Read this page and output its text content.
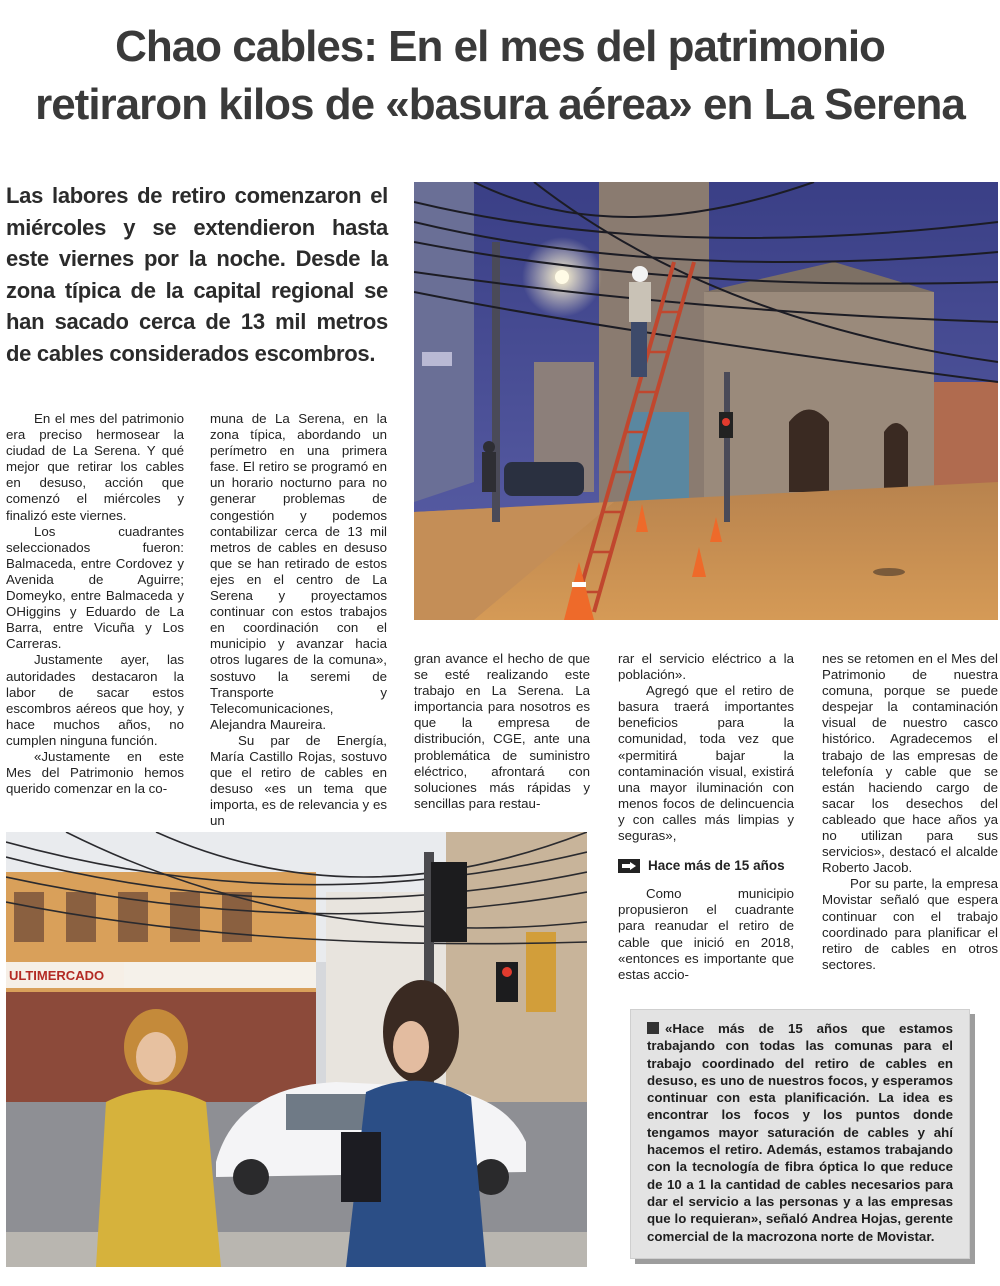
Chao cables: En el mes del patrimonio
retiraron kilos de «basura aérea» en La Serena

Las labores de retiro comenzaron el miércoles y se extendieron hasta este viernes por la noche. Desde la zona típica de la capital regional se han sacado cerca de 13 mil metros de cables considerados escombros.

En el mes del patrimonio era preciso hermosear la ciudad de La Serena. Y qué mejor que retirar los cables en desuso, acción que comenzó el miércoles y finalizó este viernes.

Los cuadrantes seleccionados fueron: Balmaceda, entre Cordovez y Avenida de Aguirre; Domeyko, entre Balmaceda y OHiggins y Eduardo de La Barra, entre Vicuña y Los Carreras.

Justamente ayer, las autoridades destacaron la labor de sacar estos escombros aéreos que hoy, y hace muchos años, no cumplen ninguna función.

«Justamente en este Mes del Patrimonio hemos querido comenzar en la co-

muna de La Serena, en la zona típica, abordando un perímetro en una primera fase. El retiro se programó en un horario nocturno para no generar problemas de congestión y podemos contabilizar cerca de 13 mil metros de cables en desuso que se han retirado de estos ejes en el centro de La Serena y proyectamos continuar con estos trabajos en coordinación con el municipio y avanzar hacia otros lugares de la comuna», sostuvo la seremi de Transporte y Telecomunicaciones, Alejandra Maureira.

Su par de Energía, María Castillo Rojas, sostuvo que el retiro de cables en desuso «es un tema que importa, es de relevancia y es un

gran avance el hecho de que se esté realizando este trabajo en La Serena. La importancia para nosotros es que la empresa de distribución, CGE, ante una problemática de suministro eléctrico, afrontará con soluciones más rápidas y sencillas para restau-

rar el servicio eléctrico a la población».

Agregó que el retiro de basura traerá importantes beneficios para la comunidad, toda vez que «permitirá bajar la contaminación visual, existirá una mayor iluminación con menos focos de delincuencia y con calles más limpias y seguras»,

Hace más de 15 años

Como municipio propusieron el cuadrante para reanudar el retiro de cable que inició en 2018, «entonces es importante que estas accio-

nes se retomen en el Mes del Patrimonio de nuestra comuna, porque se puede despejar la contaminación visual de nuestro casco histórico. Agradecemos el trabajo de las empresas de telefonía y cable que se están haciendo cargo de sacar los desechos del cableado que hace años ya no utilizan para sus servicios», destacó el alcalde Roberto Jacob.

Por su parte, la empresa Movistar señaló que espera continuar con el trabajo coordinado para planificar el retiro de cables en otros sectores.

ULTIMERCADO

«Hace más de 15 años que estamos trabajando con todas las comunas para el trabajo coordinado del retiro de cables en desuso, es uno de nuestros focos, y esperamos continuar con esta planificación. La idea es encontrar los focos y los puntos donde tengamos mayor saturación de cables y ahí hacemos el retiro. Además, estamos trabajando con la tecnología de fibra óptica lo que reduce de 10 a 1 la cantidad de cables necesarios para dar el servicio a las personas y a las empresas que lo requieran», señaló Andrea Hojas, gerente comercial de la macrozona norte de Movistar.
